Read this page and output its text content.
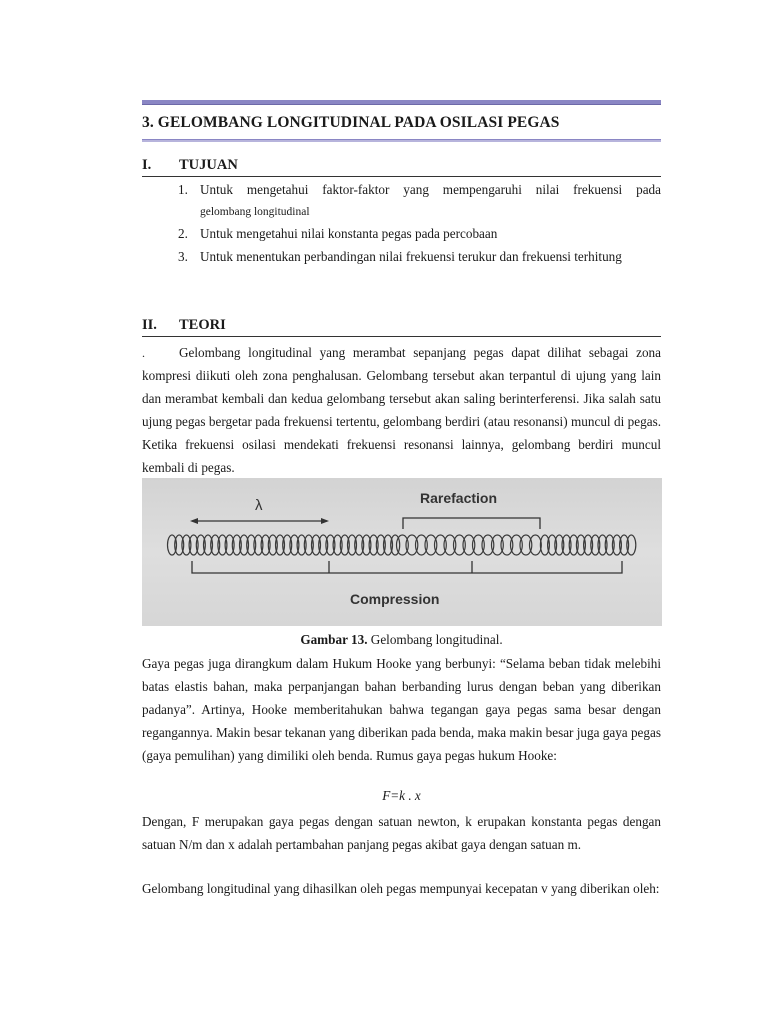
3. GELOMBANG LONGITUDINAL PADA OSILASI PEGAS
I. TUJUAN
1. Untuk mengetahui faktor-faktor yang mempengaruhi nilai frekuensi pada
gelombang longitudinal
2. Untuk mengetahui nilai konstanta pegas pada percobaan
3. Untuk menentukan perbandingan nilai frekuensi terukur dan frekuensi terhitung
II. TEORI
.	Gelombang longitudinal yang merambat sepanjang pegas dapat dilihat sebagai zona kompresi diikuti oleh zona penghalusan. Gelombang tersebut akan terpantul di ujung yang lain dan merambat kembali dan kedua gelombang tersebut akan saling berinterferensi. Jika salah satu ujung pegas bergetar pada frekuensi tertentu, gelombang berdiri (atau resonansi) muncul di pegas. Ketika frekuensi osilasi mendekati frekuensi resonansi lainnya, gelombang berdiri muncul kembali di pegas.
λ	Rarefaction
Compression
Gambar 13. Gelombang longitudinal.
Gaya pegas juga dirangkum dalam Hukum Hooke yang berbunyi: “Selama beban tidak melebihi batas elastis bahan, maka perpanjangan bahan berbanding lurus dengan beban yang diberikan padanya”. Artinya, Hooke memberitahukan bahwa tegangan gaya pegas sama besar dengan regangannya. Makin besar tekanan yang diberikan pada benda, maka makin besar juga gaya pegas (gaya pemulihan) yang dimiliki oleh benda. Rumus gaya pegas hukum Hooke:
F=k . x
Dengan, F merupakan gaya pegas dengan satuan newton, k erupakan konstanta pegas dengan satuan N/m dan x adalah pertambahan panjang pegas akibat gaya dengan satuan m.
Gelombang longitudinal yang dihasilkan oleh pegas mempunyai kecepatan v yang diberikan oleh:
